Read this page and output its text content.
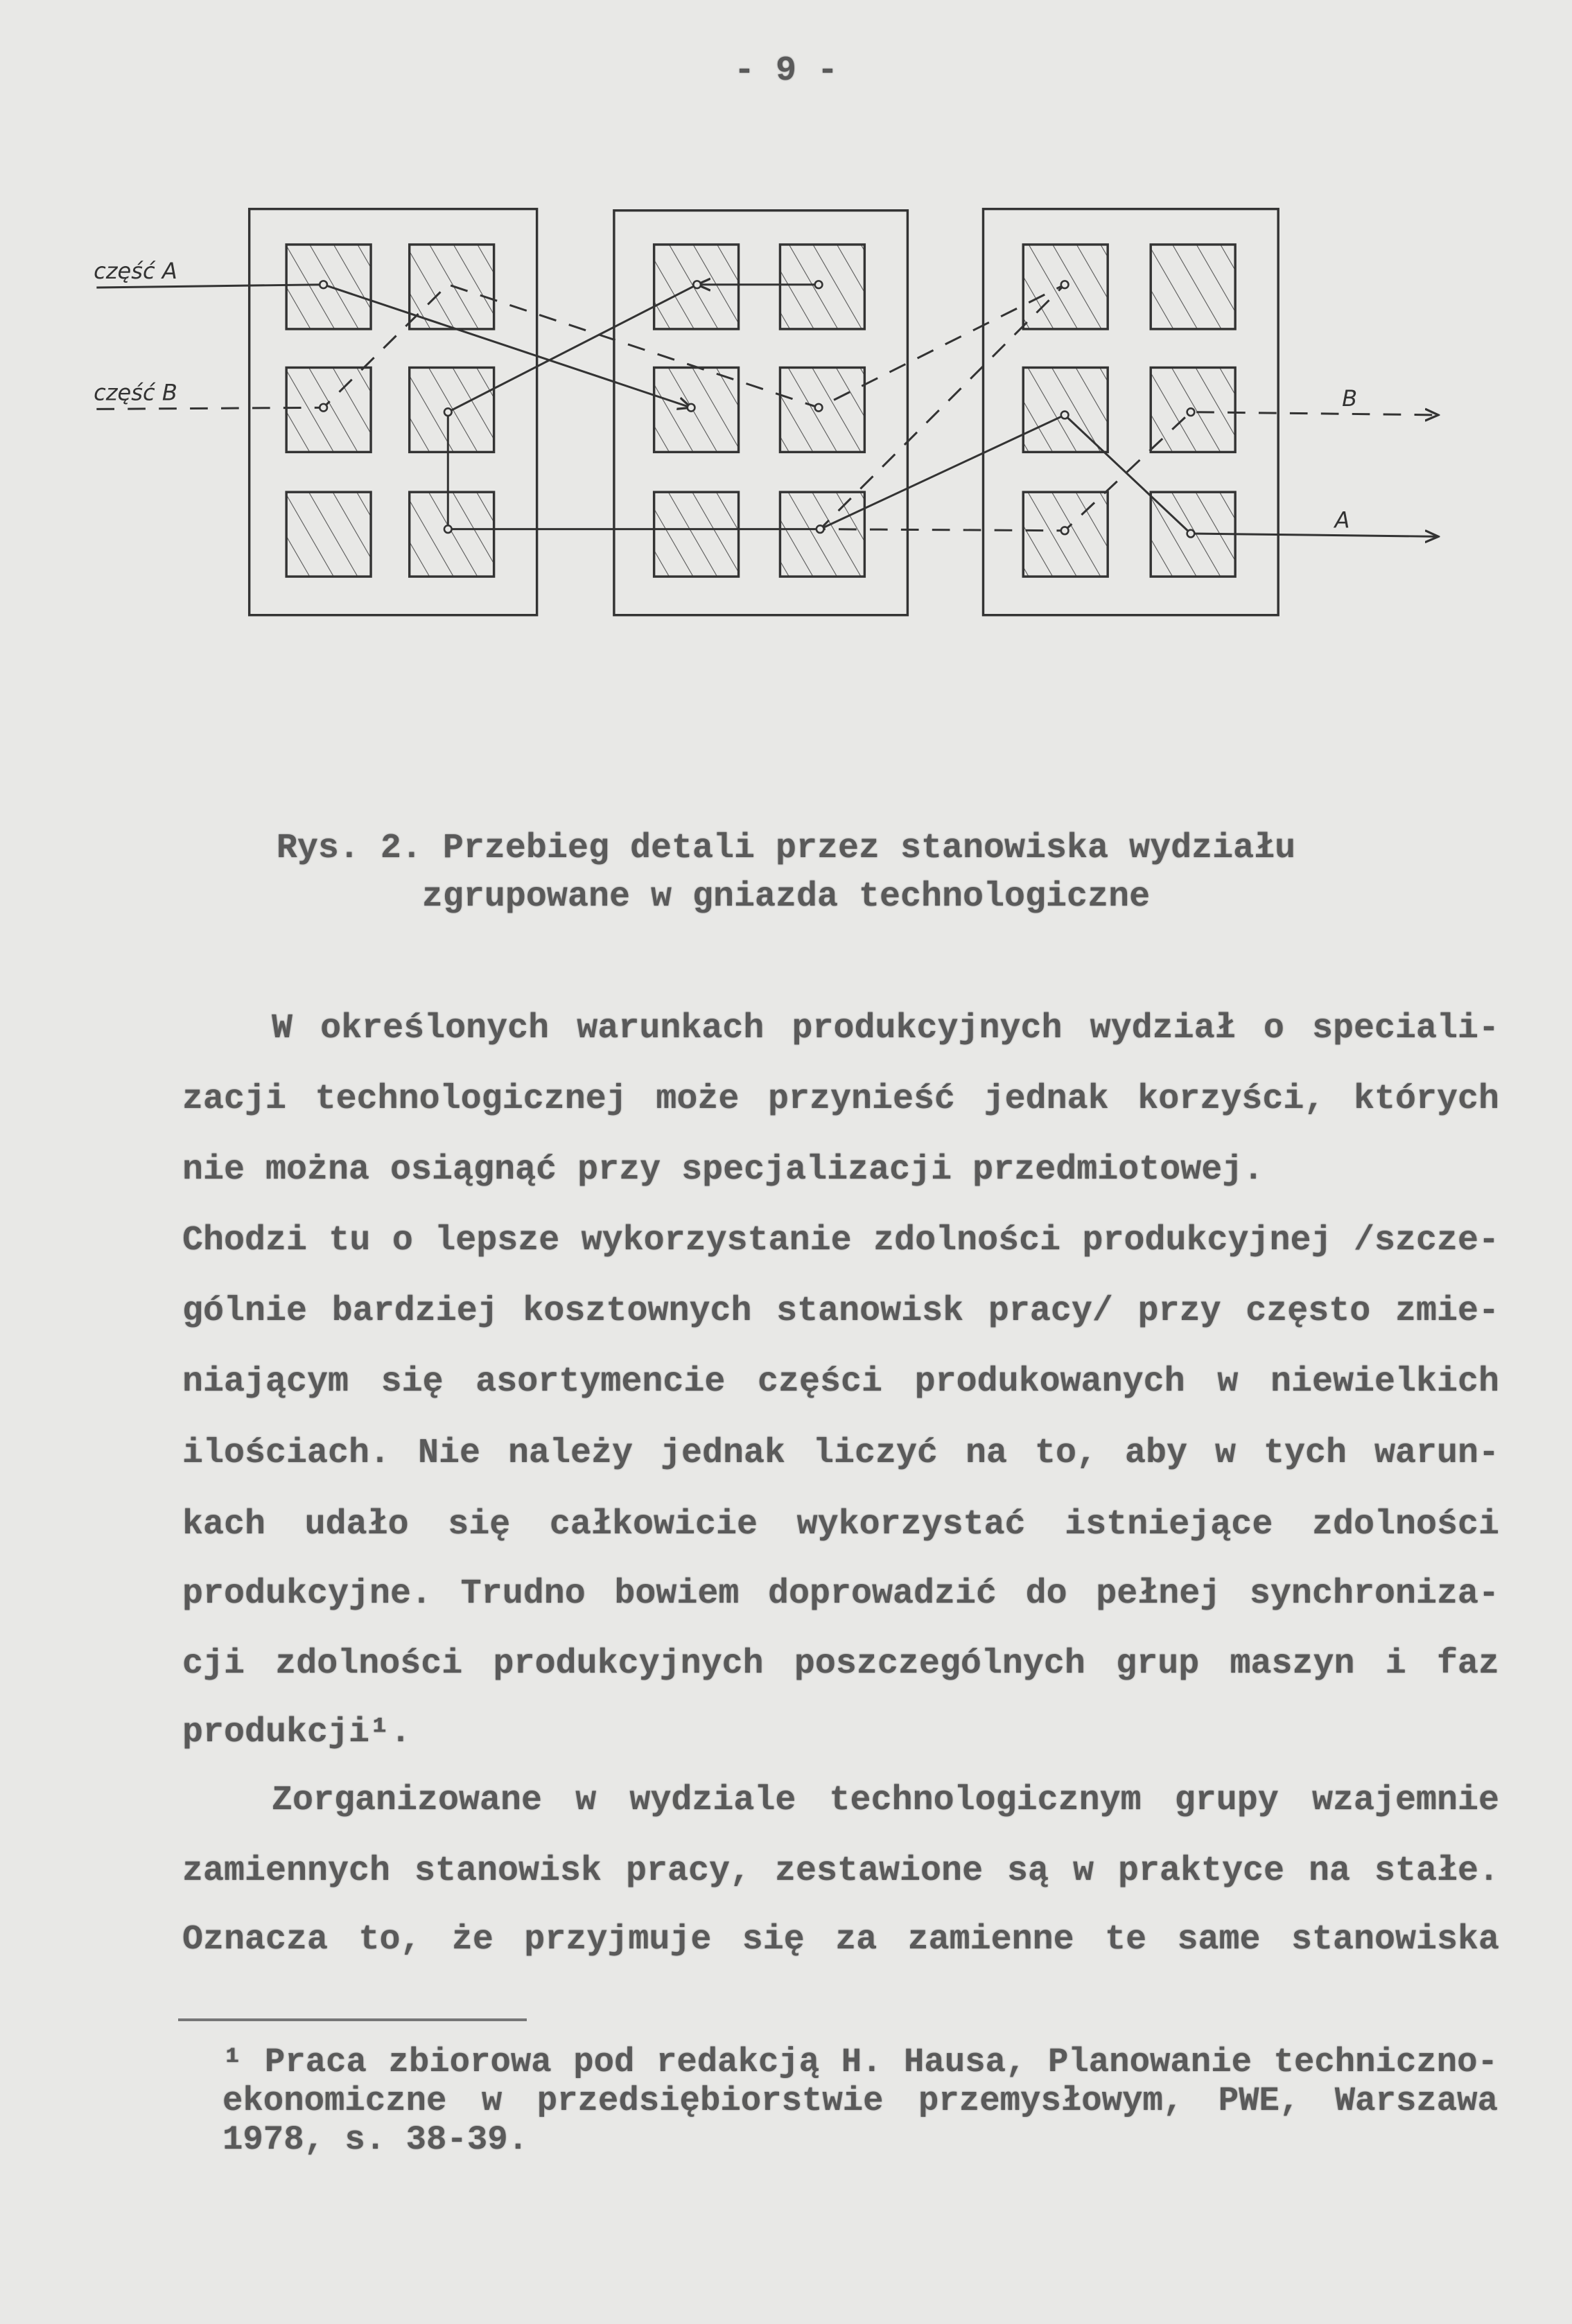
- 9 -
część A
część B	B
A
Rys. 2. Przebieg detali przez stanowiska wydziału
zgrupowane w gniazda technologiczne
W określonych warunkach produkcyjnych wydział o speciali-
zacji technologicznej może przynieść jednak korzyści, których
nie można osiągnąć przy specjalizacji przedmiotowej.
Chodzi tu o lepsze wykorzystanie zdolności produkcyjnej /szcze-
gólnie bardziej kosztownych stanowisk pracy/ przy często zmie-
niającym się asortymencie części produkowanych w niewielkich
ilościach. Nie należy jednak liczyć na to, aby w tych warun-
kach udało się całkowicie wykorzystać istniejące zdolności
produkcyjne. Trudno bowiem doprowadzić do pełnej synchroniza-
cji zdolności produkcyjnych poszczególnych grup maszyn i faz
produkcji¹.
Zorganizowane w wydziale technologicznym grupy wzajemnie
zamiennych stanowisk pracy, zestawione są w praktyce na stałe.
Oznacza to, że przyjmuje się za zamienne te same stanowiska
¹ Praca zbiorowa pod redakcją H. Hausa, Planowanie techniczno-
ekonomiczne w przedsiębiorstwie przemysłowym, PWE, Warszawa
1978, s. 38-39.
